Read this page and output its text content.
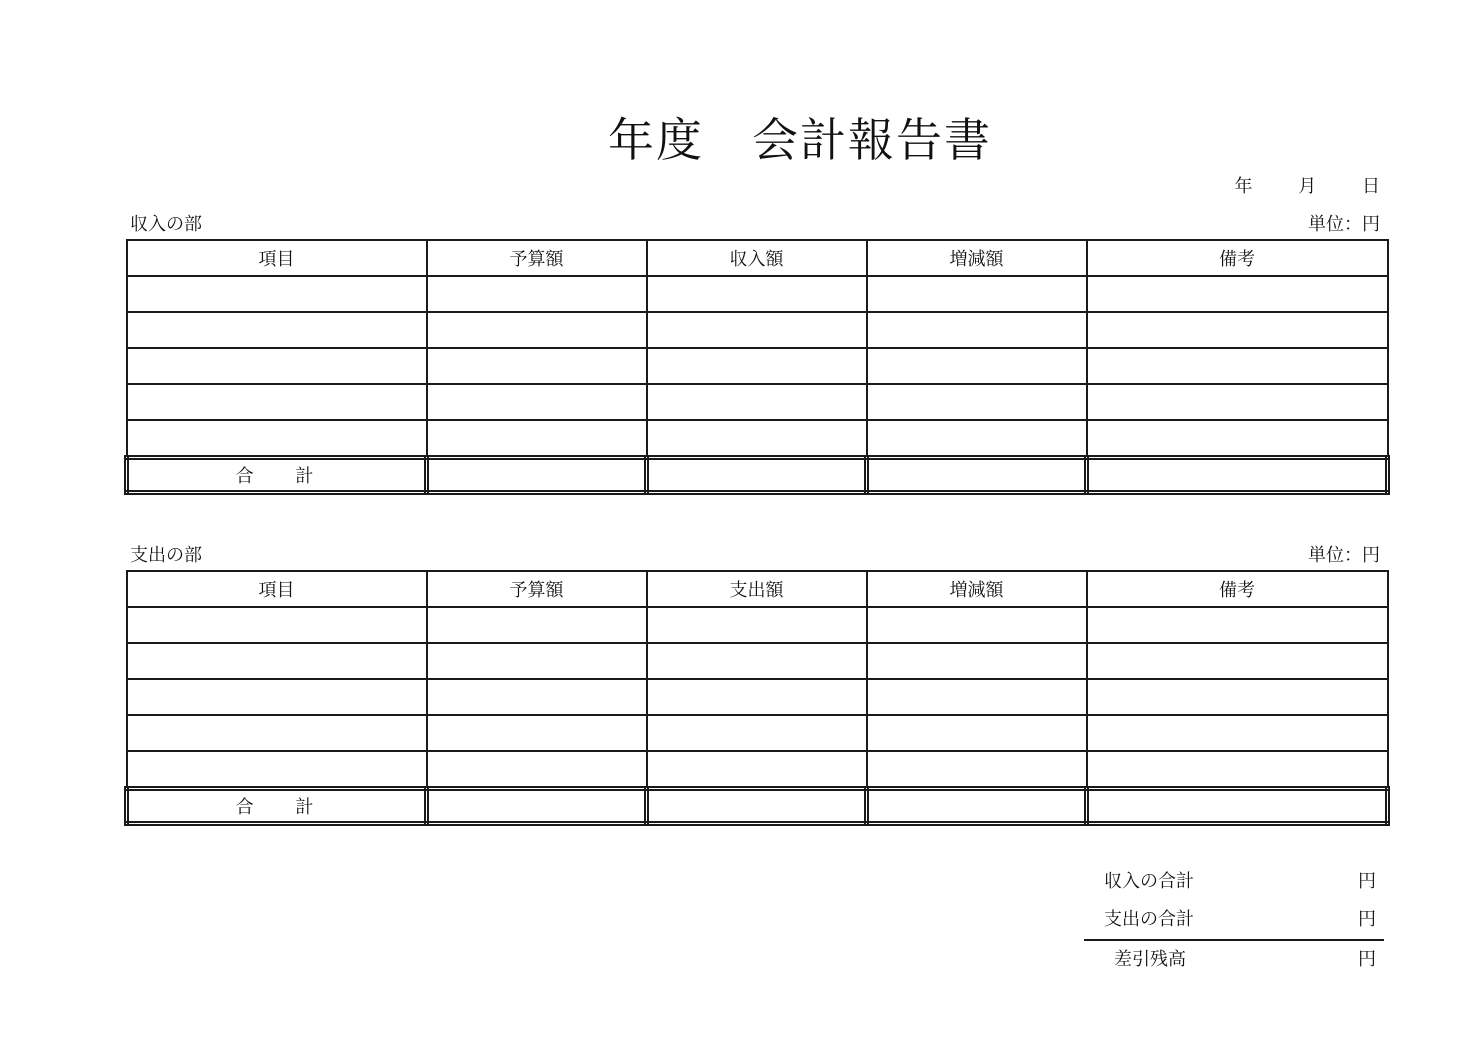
年度　会計報告書
年	月	日
収入の部	単位：円
項目	予算額	収入額	増減額	備考

合 計				
支出の部	単位：円
項目	予算額	支出額	増減額	備考

合 計				
収入の合計	円
支出の合計	円
差引残高	円
